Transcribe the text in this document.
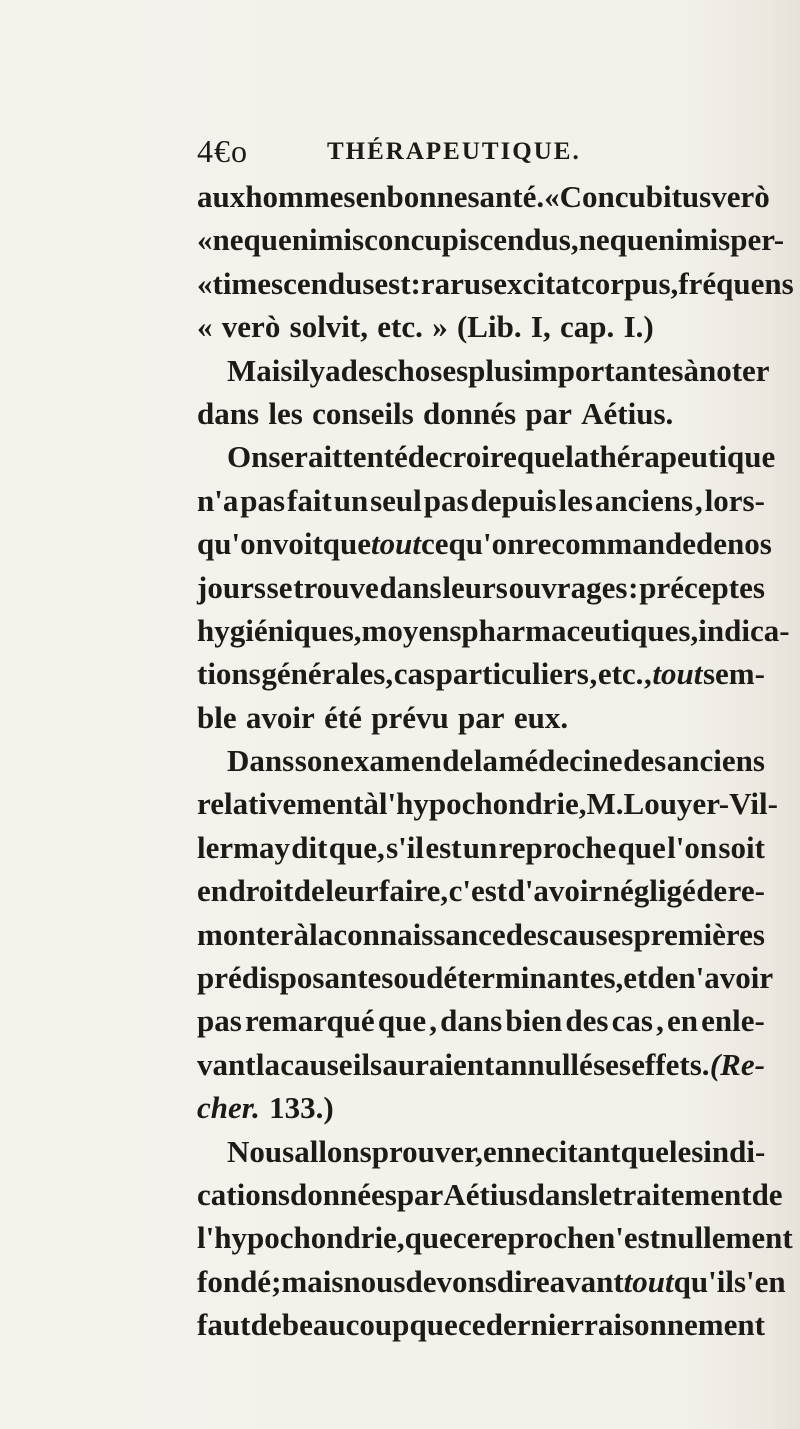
4€o	THÉRAPEUTIQUE.
aux hommes en bonne santé. « Concubitus verò
« neque nimis concupiscendus, neque nimis per-
« timescendus est : rarus excitat corpus, fréquens
« verò solvit, etc. » (Lib. I, cap. I.)
Mais il y a des choses plus importantes à noter
dans les conseils donnés par Aétius.
On serait tenté de croire que la thérapeutique
n'a pas fait un seul pas depuis les anciens , lors-
qu'on voit que tout ce qu'on recommande de nos
jours se trouve dans leurs ouvrages : préceptes
hygiéniques , moyens pharmaceutiques , indica-
tions générales, cas particuliers , etc. , tout sem-
ble avoir été prévu par eux.
Dans son examen de la médecine des anciens
relativement à l'hypochondrie , M. Louyer-Vil-
lermay dit que, s'il est un reproche que l'on soit
en droit de leur faire, c'est d'avoir négligé de re-
monter à la connaissance des causes premières
prédisposantes ou déterminantes , et de n'avoir
pas remarqué que , dans bien des cas , en enle-
vant la cause ils auraient annullé ses effets. (Re-
cher. 133.)
Nous allons prouver, en ne citant que les indi-
cations données par Aétius dans le traitement de
l'hypochondrie, que ce reproche n'est nullement
fondé ; mais nous devons dire avant tout qu'il s'en
faut de beaucoup que ce dernier raisonnement
